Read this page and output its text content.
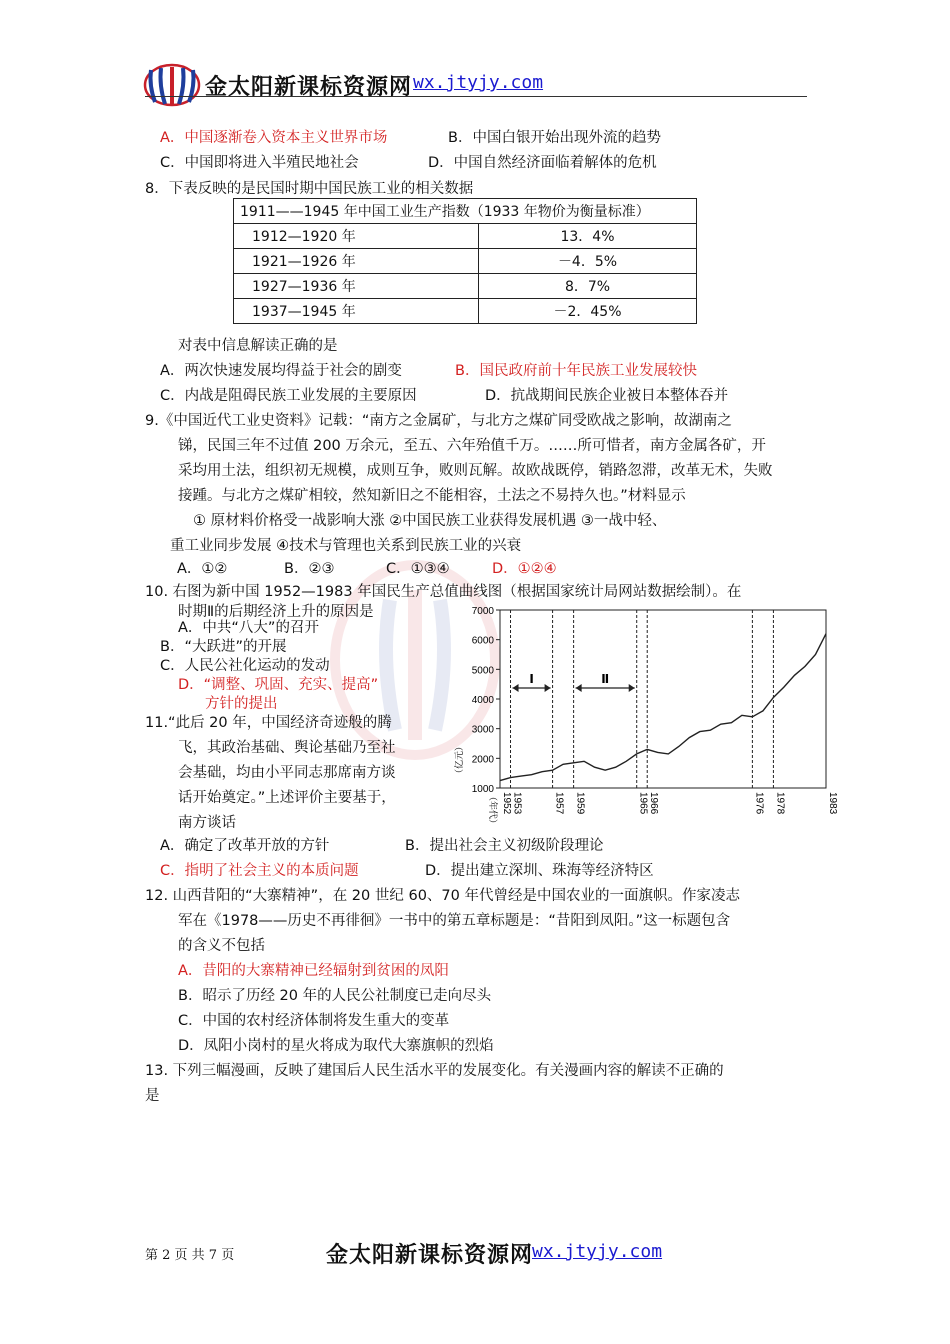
金太阳新课标资源网 wx.jtyjy.com
A．中国逐渐卷入资本主义世界市场	B．中国白银开始出现外流的趋势
C．中国即将进入半殖民地社会	D．中国自然经济面临着解体的危机
8．下表反映的是民国时期中国民族工业的相关数据
1911——1945 年中国工业生产指数（1933 年物价为衡量标准）	
1912—1920 年	13．4%
1921—1926 年	－4．5%
1927—1936 年	8．7%
1937—1945 年	－2．45%
对表中信息解读正确的是
A．两次快速发展均得益于社会的剧变	B．国民政府前十年民族工业发展较快
C．内战是阻碍民族工业发展的主要原因	D．抗战期间民族企业被日本整体吞并
9.《中国近代工业史资料》记载：“南方之金属矿，与北方之煤矿同受欧战之影响，故湖南之
锑，民国三年不过值 200 万余元，至五、六年殆值千万。……所可惜者，南方金属各矿，开
采均用土法，组织初无规模，成则互争，败则瓦解。故欧战既停，销路忽滞，改革无术，失败
接踵。与北方之煤矿相较，然知新旧之不能相容，土法之不易持久也。”材料显示
① 原材料价格受一战影响大涨 ②中国民族工业获得发展机遇 ③一战中轻、
重工业同步发展 ④技术与管理也关系到民族工业的兴衰
A．①②	B．②③	C．①③④	D．①②④
10. 右图为新中国 1952—1983 年国民生产总值曲线图（根据国家统计局网站数据绘制）。在
时期Ⅱ的后期经济上升的原因是
A．中共“八大”的召开
B．“大跃进”的开展
C．人民公社化运动的发动
D．“调整、巩固、充实、提高”
方针的提出
1000
2000
3000
4000
5000
6000
7000
（亿元）
1952 1953	1957 1959	1965 1966	1976 1978	1983
（年代）
Ⅰ	Ⅱ
11.“此后 20 年，中国经济奇迹般的腾
飞，其政治基础、舆论基础乃至社
会基础，均由小平同志那席南方谈
话开始奠定。”上述评价主要基于，
南方谈话
A．确定了改革开放的方针	B．提出社会主义初级阶段理论
C．指明了社会主义的本质问题	D．提出建立深圳、珠海等经济特区
12. 山西昔阳的“大寨精神”，在 20 世纪 60、70 年代曾经是中国农业的一面旗帜。作家凌志
军在《1978——历史不再徘徊》一书中的第五章标题是：“昔阳到凤阳。”这一标题包含
的含义不包括
A．昔阳的大寨精神已经辐射到贫困的凤阳
B．昭示了历经 20 年的人民公社制度已走向尽头
C．中国的农村经济体制将发生重大的变革
D．凤阳小岗村的星火将成为取代大寨旗帜的烈焰
13. 下列三幅漫画，反映了建国后人民生活水平的发展变化。有关漫画内容的解读不正确的
是
第 2 页 共 7 页	金太阳新课标资源网
wx.jtyjy.com
